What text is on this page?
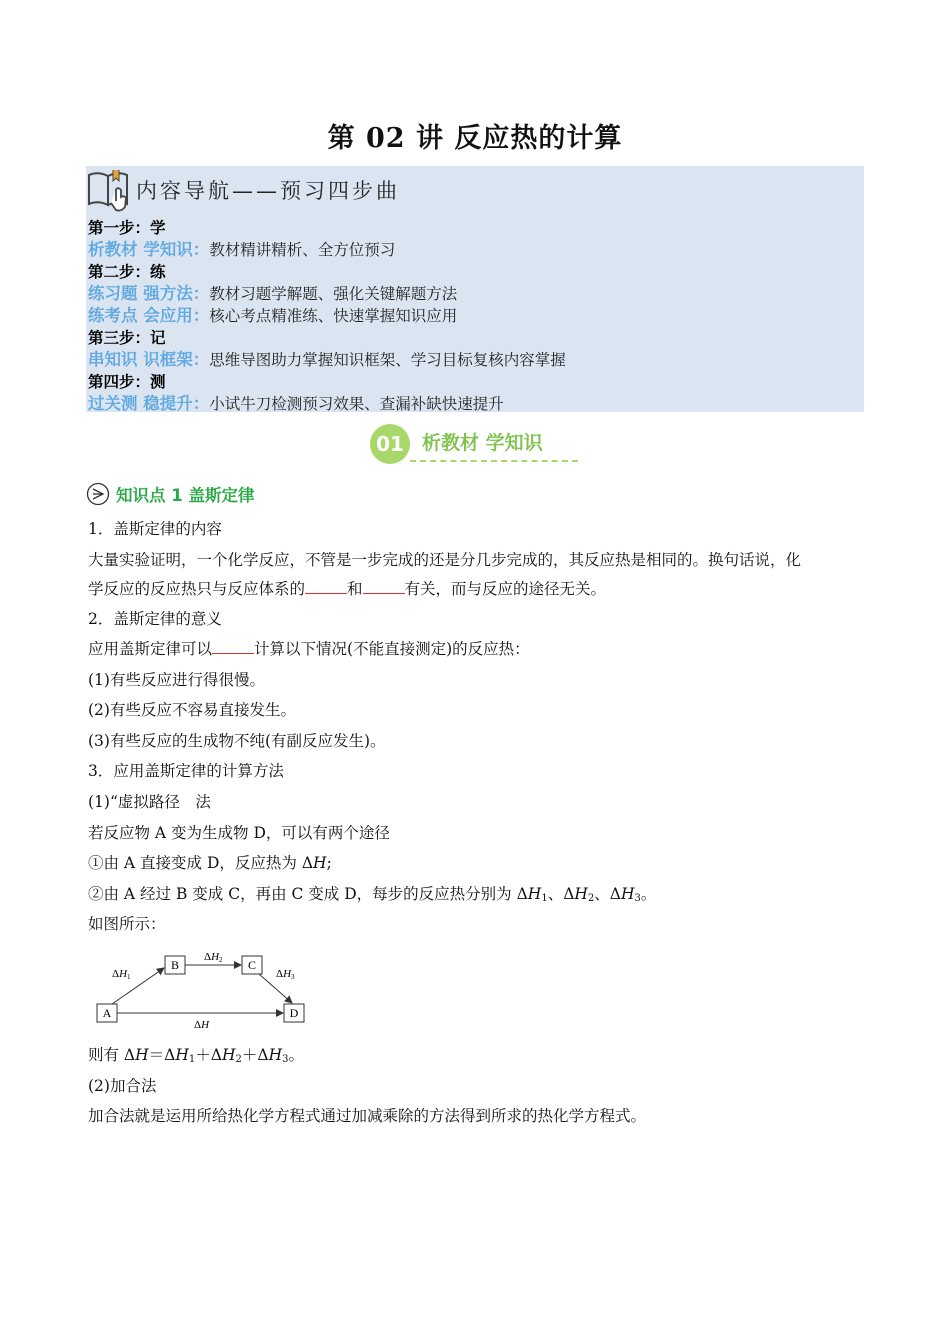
第 02 讲 反应热的计算
内容导航——预习四步曲
第一步：学
析教材 学知识：教材精讲精析、全方位预习
第二步：练
练习题 强方法：教材习题学解题、强化关键解题方法
练考点 会应用：核心考点精准练、快速掌握知识应用
第三步：记
串知识 识框架：思维导图助力掌握知识框架、学习目标复核内容掌握
第四步：测
过关测 稳提升：小试牛刀检测预习效果、查漏补缺快速提升
01 析教材 学知识
知识点 1 盖斯定律
1．盖斯定律的内容
大量实验证明，一个化学反应，不管是一步完成的还是分几步完成的，其反应热是相同的。换句话说，化
学反应的反应热只与反应体系的	和	有关，而与反应的途径无关。
2．盖斯定律的意义
应用盖斯定律可以	计算以下情况(不能直接测定)的反应热：
(1)有些反应进行得很慢。
(2)有些反应不容易直接发生。
(3)有些反应的生成物不纯(有副反应发生)。
3．应用盖斯定律的计算方法
(1)“虚拟路径　法
若反应物 A 变为生成物 D，可以有两个途径
①由 A 直接变成 D，反应热为 ΔH;
②由 A 经过 B 变成 C，再由 C 变成 D，每步的反应热分别为 $\Delta H_1$、$\Delta H_2$、$\Delta H_3$。
如图所示：
A
B	C
D
ΔH1
ΔH2
ΔH3
ΔH
则有 $\Delta H=\Delta H_1+\Delta H_2+\Delta H_3$。
(2)加合法
加合法就是运用所给热化学方程式通过加减乘除的方法得到所求的热化学方程式。
